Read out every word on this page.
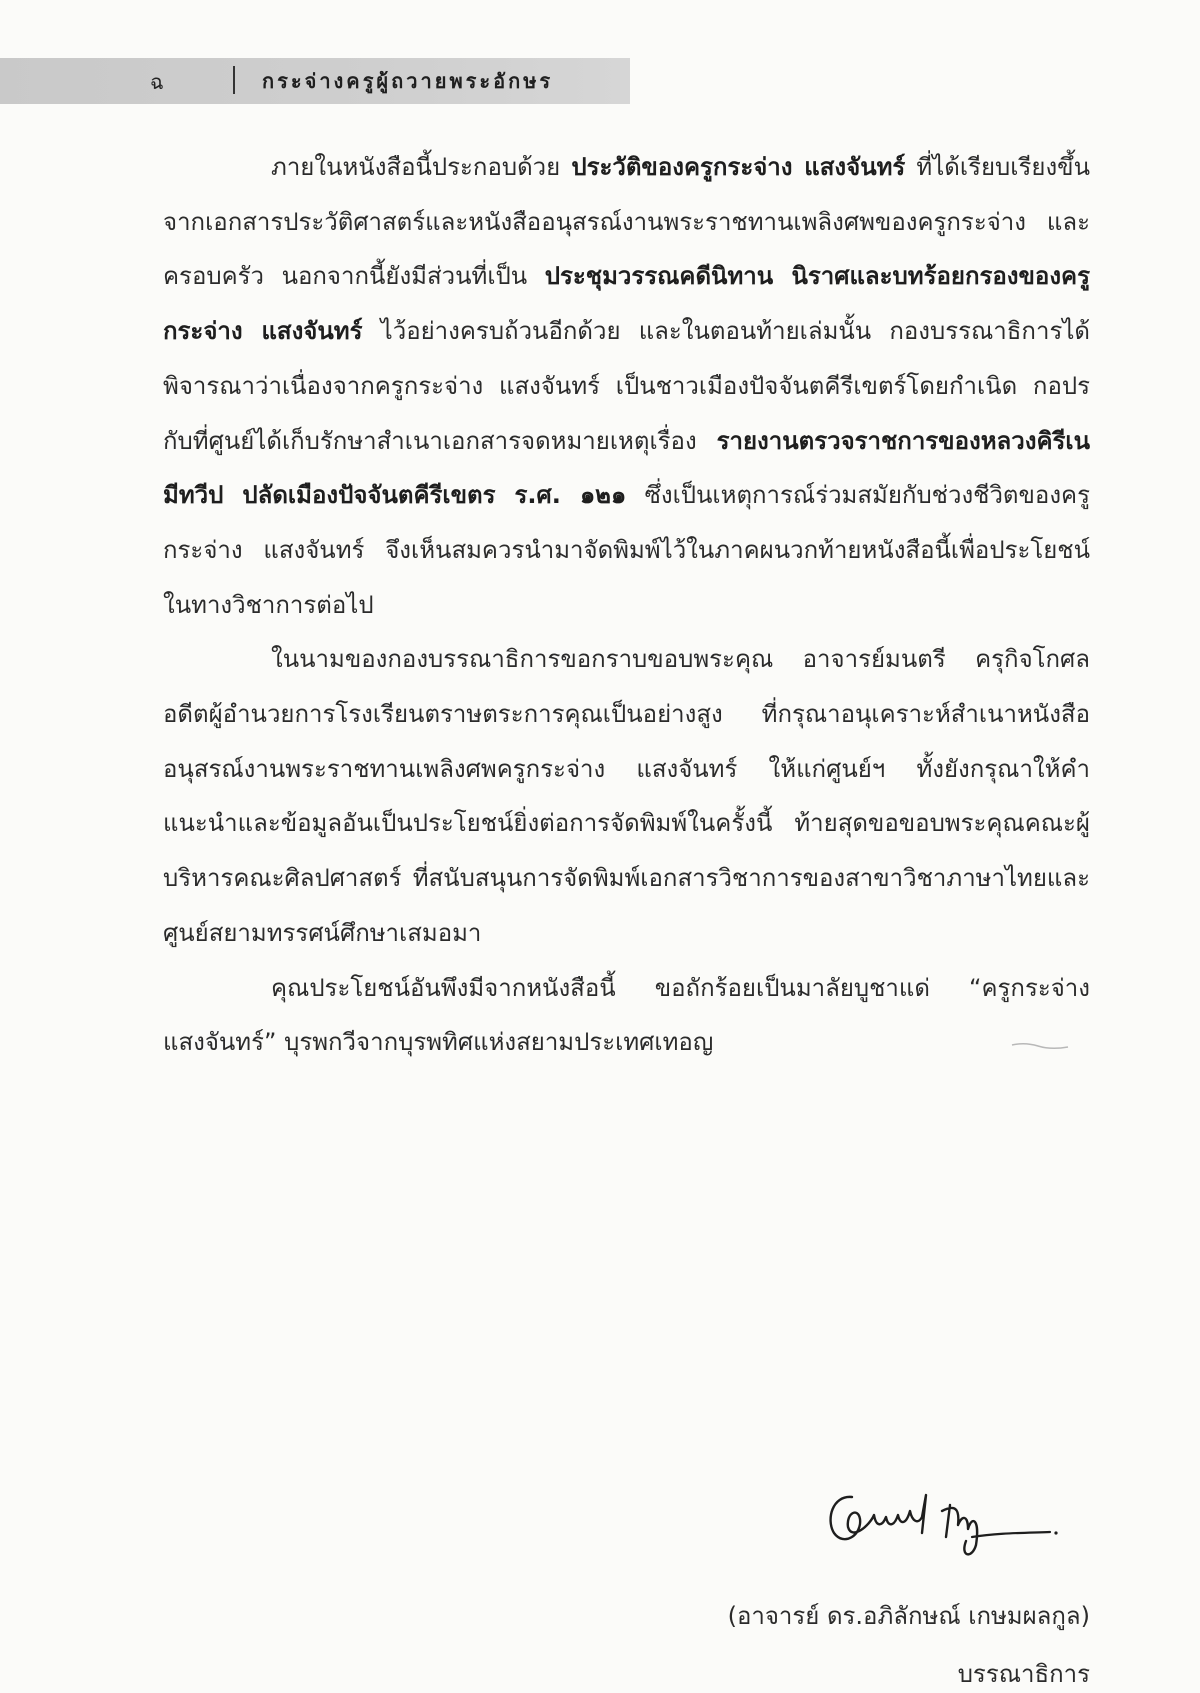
ฉ	กระจ่างครูผู้ถวายพระอักษร

ภายในหนังสือนี้ประกอบด้วย ประวัติของครูกระจ่าง แสงจันทร์ ที่ได้เรียบเรียงขึ้นจากเอกสารประวัติศาสตร์และหนังสืออนุสรณ์งานพระราชทานเพลิงศพของครูกระจ่าง และครอบครัว นอกจากนี้ยังมีส่วนที่เป็น ประชุมวรรณคดีนิทาน นิราศและบทร้อยกรองของครูกระจ่าง แสงจันทร์ ไว้อย่างครบถ้วนอีกด้วย และในตอนท้ายเล่มนั้น กองบรรณาธิการได้พิจารณาว่าเนื่องจากครูกระจ่าง แสงจันทร์ เป็นชาวเมืองปัจจันตคีรีเขตร์โดยกำเนิด กอปรกับที่ศูนย์ได้เก็บรักษาสำเนาเอกสารจดหมายเหตุเรื่อง รายงานตรวจราชการของหลวงคิรีเนมีทวีป ปลัดเมืองปัจจันตคีรีเขตร ร.ศ. ๑๒๑ ซึ่งเป็นเหตุการณ์ร่วมสมัยกับช่วงชีวิตของครูกระจ่าง แสงจันทร์ จึงเห็นสมควรนำมาจัดพิมพ์ไว้ในภาคผนวกท้ายหนังสือนี้เพื่อประโยชน์ในทางวิชาการต่อไป

ในนามของกองบรรณาธิการขอกราบขอบพระคุณ อาจารย์มนตรี ครุกิจโกศล อดีตผู้อำนวยการโรงเรียนตราษตระการคุณเป็นอย่างสูง ที่กรุณาอนุเคราะห์สำเนาหนังสืออนุสรณ์งานพระราชทานเพลิงศพครูกระจ่าง แสงจันทร์ ให้แก่ศูนย์ฯ ทั้งยังกรุณาให้คำแนะนำและข้อมูลอันเป็นประโยชน์ยิ่งต่อการจัดพิมพ์ในครั้งนี้ ท้ายสุดขอขอบพระคุณคณะผู้บริหารคณะศิลปศาสตร์ ที่สนับสนุนการจัดพิมพ์เอกสารวิชาการของสาขาวิชาภาษาไทยและศูนย์สยามทรรศน์ศึกษาเสมอมา

คุณประโยชน์อันพึงมีจากหนังสือนี้ ขอถักร้อยเป็นมาลัยบูชาแด่ “ครูกระจ่าง แสงจันทร์” บุรพกวีจากบุรพทิศแห่งสยามประเทศเทอญ

(อาจารย์ ดร.อภิลักษณ์ เกษมผลกูล)
บรรณาธิการ
